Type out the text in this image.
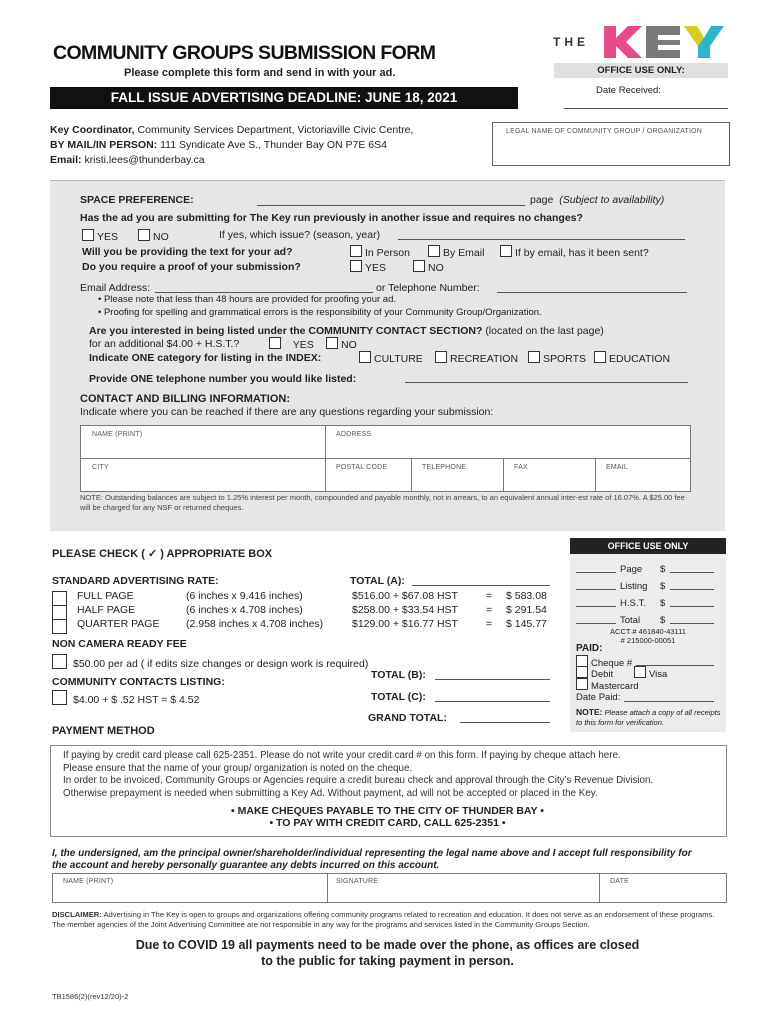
COMMUNITY GROUPS SUBMISSION FORM
Please complete this form and send in with your ad.
FALL ISSUE ADVERTISING DEADLINE: JUNE 18, 2021
THE
OFFICE USE ONLY:
Date Received:
Key Coordinator, Community Services Department, Victoriaville Civic Centre,
BY MAIL/IN PERSON: 111 Syndicate Ave S., Thunder Bay ON P7E 6S4
Email: kristi.lees@thunderbay.ca
LEGAL NAME OF COMMUNITY GROUP / ORGANIZATION
SPACE PREFERENCE:	page (Subject to availability)
Has the ad you are submitting for The Key run previously in another issue and requires no changes?
YES	NO	If yes, which issue? (season, year)
Will you be providing the text for your ad?	In Person	By Email	If by email, has it been sent?
Do you require a proof of your submission?	YES	NO
Email Address:	or Telephone Number:
• Please note that less than 48 hours are provided for proofing your ad.
• Proofing for spelling and grammatical errors is the responsibility of your Community Group/Organization.
Are you interested in being listed under the COMMUNITY CONTACT SECTION? (located on the last page)
for an additional $4.00 + H.S.T.?	YES	NO
Indicate ONE category for listing in the INDEX:	CULTURE	RECREATION	SPORTS	EDUCATION
Provide ONE telephone number you would like listed:
CONTACT AND BILLING INFORMATION:
Indicate where you can be reached if there are any questions regarding your submission:
NAME (PRINT)	ADDRESS
CITY	POSTAL CODE	TELEPHONE	FAX	EMAIL
NOTE: Outstanding balances are subject to 1.25% interest per month, compounded and payable monthly, not in arrears, to an equivalent annual inter-est rate of 16.07%. A $25.00 fee will be charged for any NSF or returned cheques.
PLEASE CHECK ( ✓ ) APPROPRIATE BOX
STANDARD ADVERTISING RATE:	TOTAL (A):
FULL PAGE	(6 inches x 9.416 inches)	$516.00 + $67.08 HST	= $ 583.08
HALF PAGE	(6 inches x 4.708 inches)	$258.00 + $33.54 HST	= $ 291.54
QUARTER PAGE	(2.958 inches x 4.708 inches)	$129.00 + $16.77 HST	= $ 145.77
NON CAMERA READY FEE
$50.00 per ad ( if edits size changes or design work is required)
TOTAL (B):
COMMUNITY CONTACTS LISTING:
$4.00 + $ .52 HST = $ 4.52	TOTAL (C):
GRAND TOTAL:
PAYMENT METHOD
OFFICE USE ONLY
Page $
Listing $
H.S.T. $
Total $
ACCT # 461840-43111
# 215000-00051
PAID:
Cheque #
Debit	Visa
Mastercard
Date Paid:
NOTE: Please attach a copy of all receipts to this form for verification.
If paying by credit card please call 625-2351. Please do not write your credit card # on this form. If paying by cheque attach here.
Please ensure that the name of your group/ organization is noted on the cheque.
In order to be invoiced, Community Groups or Agencies require a credit bureau check and approval through the City’s Revenue Division.
Otherwise prepayment is needed when submitting a Key Ad. Without payment, ad will not be accepted or placed in the Key.
• MAKE CHEQUES PAYABLE TO THE CITY OF THUNDER BAY •
• TO PAY WITH CREDIT CARD, CALL 625-2351 •
I, the undersigned, am the principal owner/shareholder/individual representing the legal name above and I accept full responsibility for the account and hereby personally guarantee any debts incurred on this account.
NAME (PRINT)	SIGNATURE	DATE
DISCLAIMER: Advertising in The Key is open to groups and organizations offering community programs related to recreation and education. It does not serve as an endorsement of these programs. The member agencies of the Joint Advertising Committee are not responsible in any way for the programs and services listed in the Community Groups Section.
Due to COVID 19 all payments need to be made over the phone, as offices are closed
to the public for taking payment in person.
TB1586(2)(rev12/20)-2
